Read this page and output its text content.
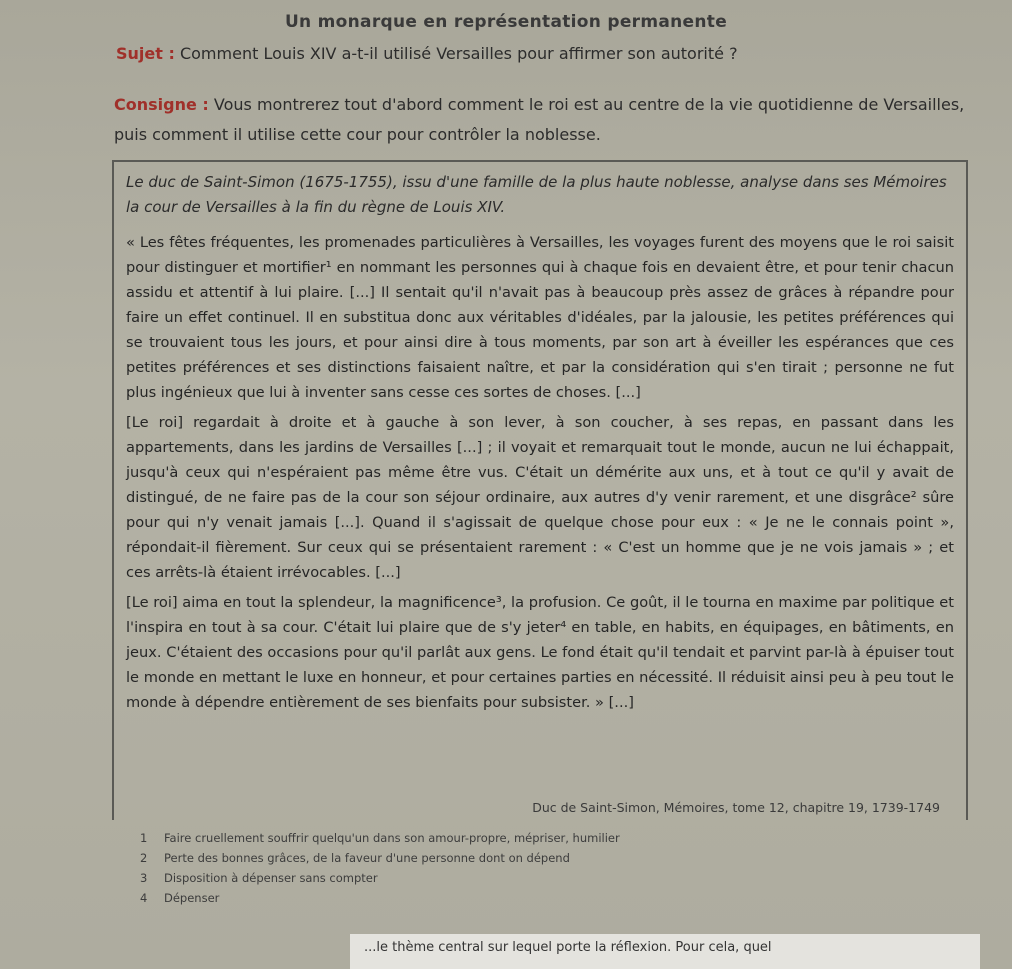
Un monarque en représentation permanente
Sujet : Comment Louis XIV a-t-il utilisé Versailles pour affirmer son autorité ?
Consigne : Vous montrerez tout d'abord comment le roi est au centre de la vie quotidienne de Versailles, puis comment il utilise cette cour pour contrôler la noblesse.

Le duc de Saint-Simon (1675-1755), issu d'une famille de la plus haute noblesse, analyse dans ses Mémoires la cour de Versailles à la fin du règne de Louis XIV.

« Les fêtes fréquentes, les promenades particulières à Versailles, les voyages furent des moyens que le roi saisit pour distinguer et mortifier¹ en nommant les personnes qui à chaque fois en devaient être, et pour tenir chacun assidu et attentif à lui plaire. [...] Il sentait qu'il n'avait pas à beaucoup près assez de grâces à répandre pour faire un effet continuel. Il en substitua donc aux véritables d'idéales, par la jalousie, les petites préférences qui se trouvaient tous les jours, et pour ainsi dire à tous moments, par son art à éveiller les espérances que ces petites préférences et ses distinctions faisaient naître, et par la considération qui s'en tirait ; personne ne fut plus ingénieux que lui à inventer sans cesse ces sortes de choses. [...]

[Le roi] regardait à droite et à gauche à son lever, à son coucher, à ses repas, en passant dans les appartements, dans les jardins de Versailles [...] ; il voyait et remarquait tout le monde, aucun ne lui échappait, jusqu'à ceux qui n'espéraient pas même être vus. C'était un démérite aux uns, et à tout ce qu'il y avait de distingué, de ne faire pas de la cour son séjour ordinaire, aux autres d'y venir rarement, et une disgrâce² sûre pour qui n'y venait jamais [...]. Quand il s'agissait de quelque chose pour eux : « Je ne le connais point », répondait-il fièrement. Sur ceux qui se présentaient rarement : « C'est un homme que je ne vois jamais » ; et ces arrêts-là étaient irrévocables. [...]

[Le roi] aima en tout la splendeur, la magnificence³, la profusion. Ce goût, il le tourna en maxime par politique et l'inspira en tout à sa cour. C'était lui plaire que de s'y jeter⁴ en table, en habits, en équipages, en bâtiments, en jeux. C'étaient des occasions pour qu'il parlât aux gens. Le fond était qu'il tendait et parvint par-là à épuiser tout le monde en mettant le luxe en honneur, et pour certaines parties en nécessité. Il réduisit ainsi peu à peu tout le monde à dépendre entièrement de ses bienfaits pour subsister. » [...]

Duc de Saint-Simon, Mémoires, tome 12, chapitre 19, 1739-1749
1 Faire cruellement souffrir quelqu'un dans son amour-propre, mépriser, humilier
2 Perte des bonnes grâces, de la faveur d'une personne dont on dépend
3 Disposition à dépenser sans compter
4 Dépenser
...le thème central sur lequel porte la réflexion. Pour cela, quel
